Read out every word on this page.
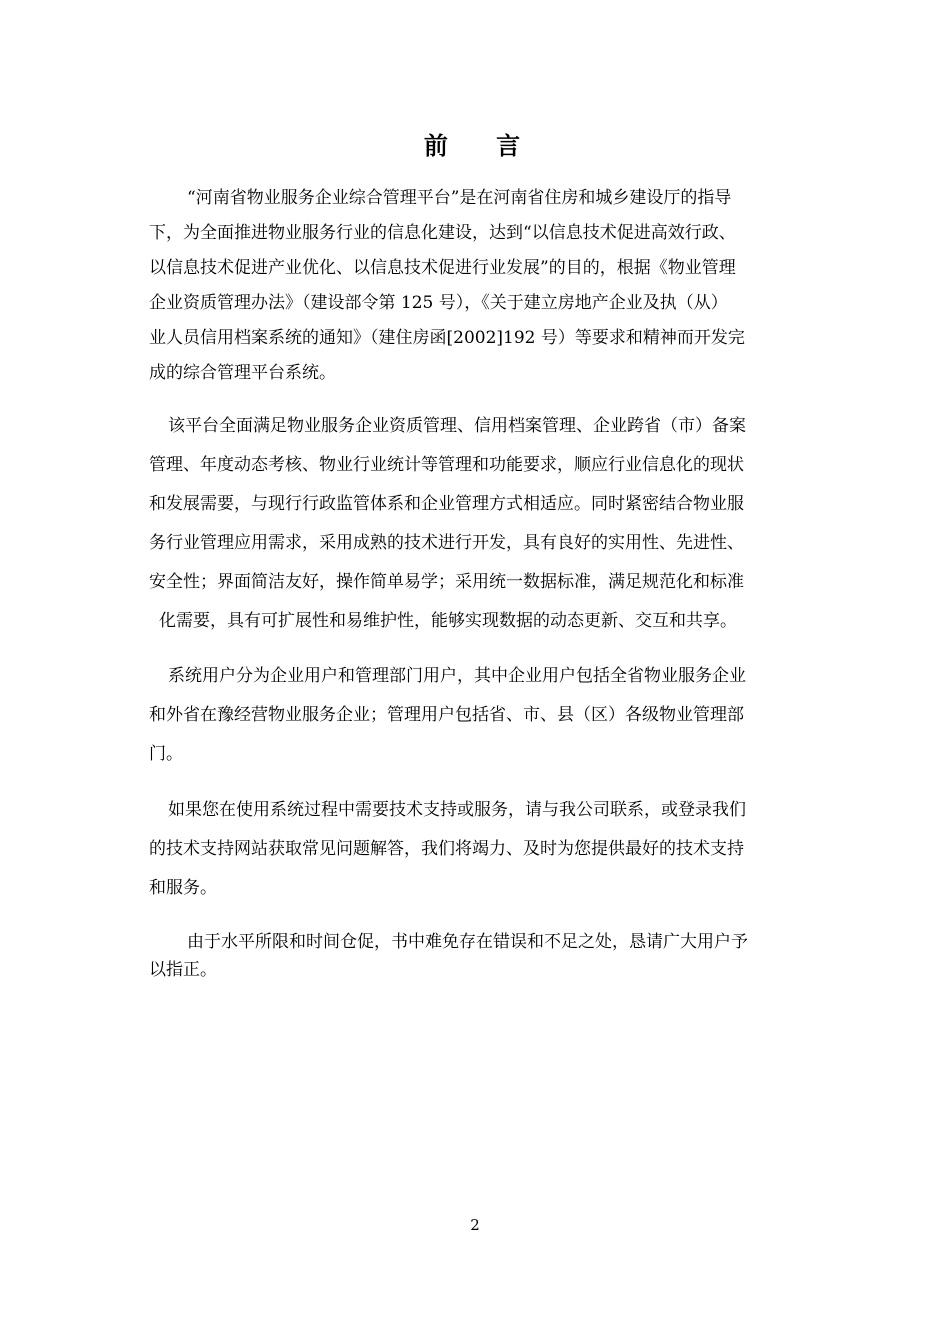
前 言
“河南省物业服务企业综合管理平台”是在河南省住房和城乡建设厅的指导
下，为全面推进物业服务行业的信息化建设，达到“以信息技术促进高效行政、
以信息技术促进产业优化、以信息技术促进行业发展”的目的，根据《物业管理
企业资质管理办法》（建设部令第 125 号），《关于建立房地产企业及执（从）
业人员信用档案系统的通知》（建住房函[2002]192 号）等要求和精神而开发完
成的综合管理平台系统。
该平台全面满足物业服务企业资质管理、信用档案管理、企业跨省（市）备案
管理、年度动态考核、物业行业统计等管理和功能要求，顺应行业信息化的现状
和发展需要，与现行行政监管体系和企业管理方式相适应。同时紧密结合物业服
务行业管理应用需求，采用成熟的技术进行开发，具有良好的实用性、先进性、
安全性；界面简洁友好，操作简单易学；采用统一数据标准，满足规范化和标准
化需要，具有可扩展性和易维护性，能够实现数据的动态更新、交互和共享。
系统用户分为企业用户和管理部门用户，其中企业用户包括全省物业服务企业
和外省在豫经营物业服务企业；管理用户包括省、市、县（区）各级物业管理部
门。
如果您在使用系统过程中需要技术支持或服务，请与我公司联系，或登录我们
的技术支持网站获取常见问题解答，我们将竭力、及时为您提供最好的技术支持
和服务。
由于水平所限和时间仓促，书中难免存在错误和不足之处，恳请广大用户予
以指正。
2
